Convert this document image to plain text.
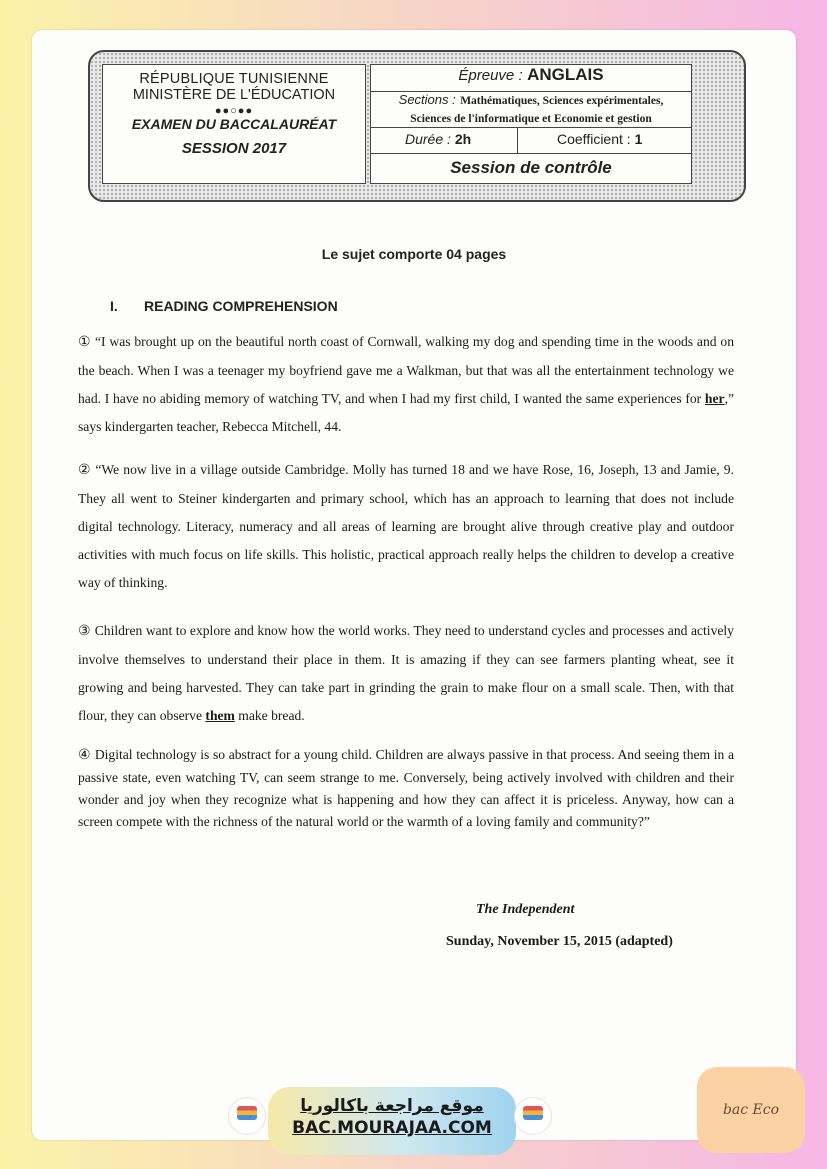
RÉPUBLIQUE TUNISIENNE
MINISTÈRE DE L'ÉDUCATION
●●○●●
EXAMEN DU BACCALAURÉAT
SESSION 2017
Épreuve : ANGLAIS
Sections : Mathématiques, Sciences expérimentales,
Sciences de l'informatique et Economie et gestion
Durée : 2h	Coefficient : 1
Session de contrôle
Le sujet comporte 04 pages
I. READING COMPREHENSION
① “I was brought up on the beautiful north coast of Cornwall, walking my dog and spending time in the woods and on the beach. When I was a teenager my boyfriend gave me a Walkman, but that was all the entertainment technology we had. I have no abiding memory of watching TV, and when I had my first child, I wanted the same experiences for her,” says kindergarten teacher, Rebecca Mitchell, 44.
② “We now live in a village outside Cambridge. Molly has turned 18 and we have Rose, 16, Joseph, 13 and Jamie, 9. They all went to Steiner kindergarten and primary school, which has an approach to learning that does not include digital technology. Literacy, numeracy and all areas of learning are brought alive through creative play and outdoor activities with much focus on life skills. This holistic, practical approach really helps the children to develop a creative way of thinking.
③ Children want to explore and know how the world works. They need to understand cycles and processes and actively involve themselves to understand their place in them. It is amazing if they can see farmers planting wheat, see it growing and being harvested. They can take part in grinding the grain to make flour on a small scale. Then, with that flour, they can observe them make bread.
④ Digital technology is so abstract for a young child. Children are always passive in that process. And seeing them in a passive state, even watching TV, can seem strange to me. Conversely, being actively involved with children and their wonder and joy when they recognize what is happening and how they can affect it is priceless. Anyway, how can a screen compete with the richness of the natural world or the warmth of a loving family and community?”
The Independent
Sunday, November 15, 2015 (adapted)
موقع مراجعة باكالوريا
BAC.MOURAJAA.COM
bac Eco
